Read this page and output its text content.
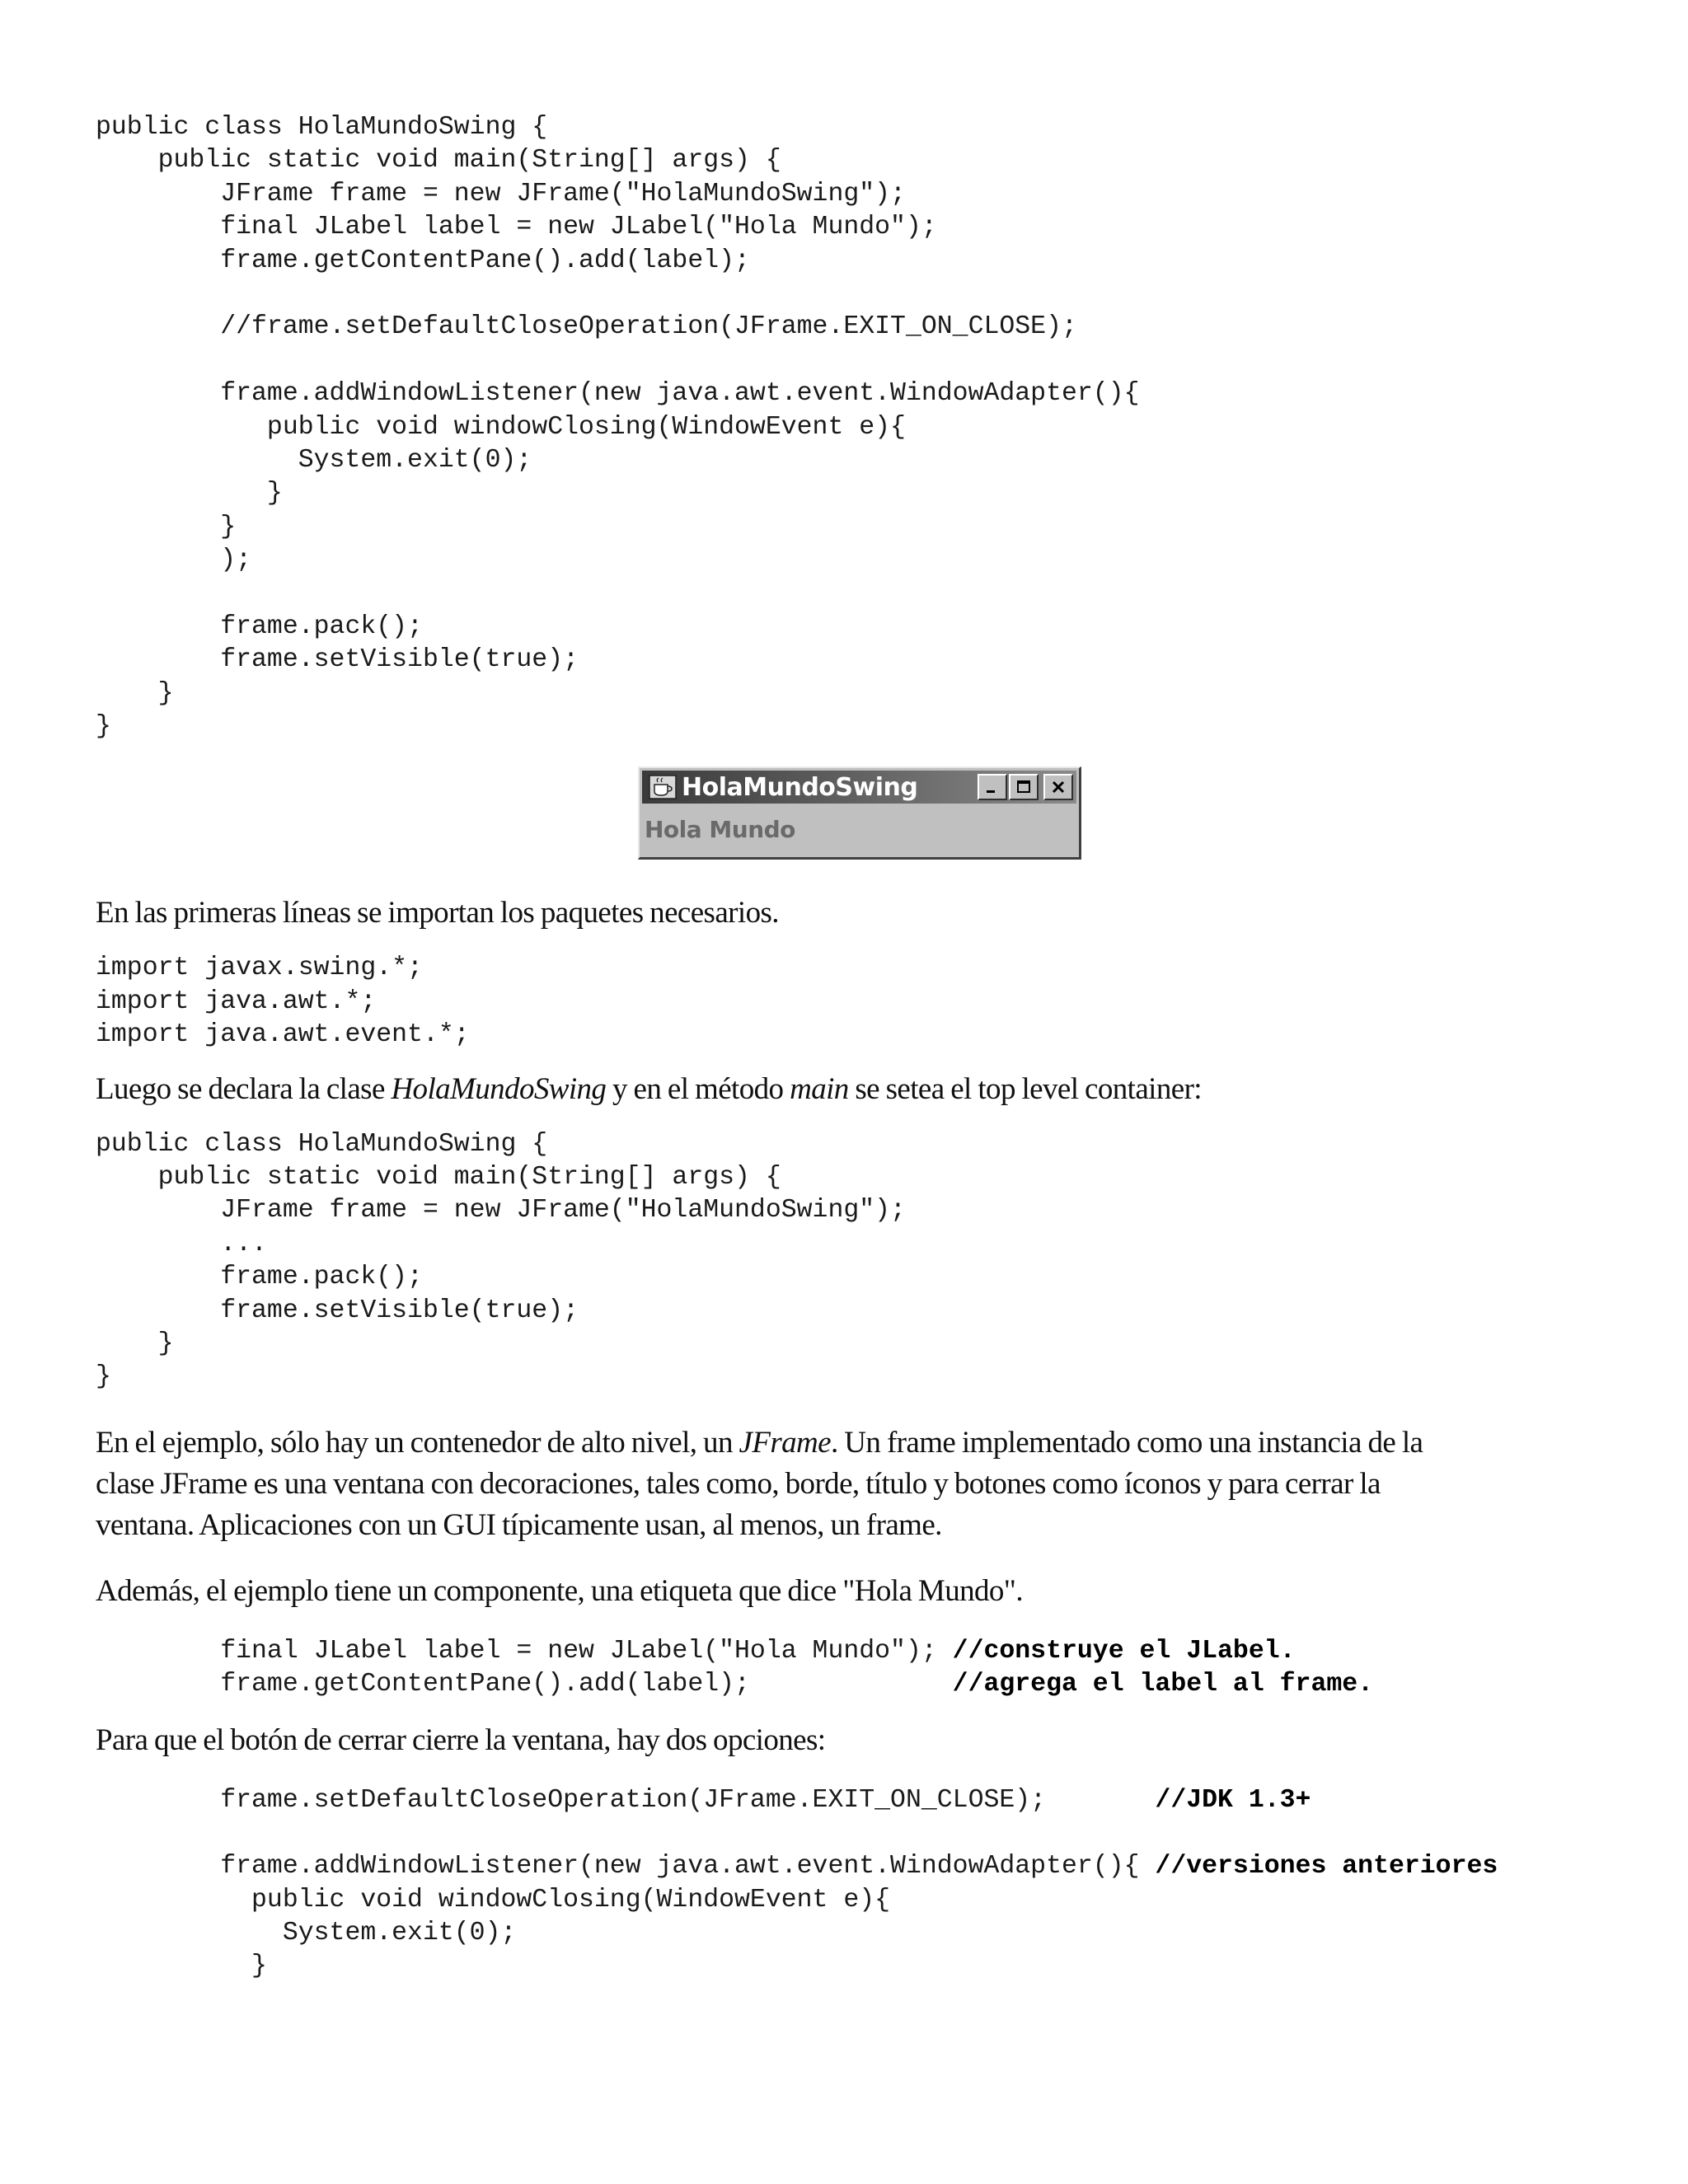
public class HolaMundoSwing {
public static void main(String[] args) {
JFrame frame = new JFrame("HolaMundoSwing");
final JLabel label = new JLabel("Hola Mundo");
frame.getContentPane().add(label);
//frame.setDefaultCloseOperation(JFrame.EXIT_ON_CLOSE);
frame.addWindowListener(new java.awt.event.WindowAdapter(){
public void windowClosing(WindowEvent e){
System.exit(0);
}
}
);
frame.pack();
frame.setVisible(true);
}
}
HolaMundoSwing
Hola Mundo

En las primeras líneas se importan los paquetes necesarios.

import javax.swing.*;
import java.awt.*;
import java.awt.event.*;

Luego se declara la clase HolaMundoSwing y en el método main se setea el top level container:

public class HolaMundoSwing {
public static void main(String[] args) {
JFrame frame = new JFrame("HolaMundoSwing");
...
frame.pack();
frame.setVisible(true);
}
}

En el ejemplo, sólo hay un contenedor de alto nivel, un JFrame. Un frame implementado como una instancia de la
clase JFrame es una ventana con decoraciones, tales como, borde, título y botones como íconos y para cerrar la
ventana. Aplicaciones con un GUI típicamente usan, al menos, un frame.

Además, el ejemplo tiene un componente, una etiqueta que dice "Hola Mundo".

final JLabel label = new JLabel("Hola Mundo"); //construye el JLabel.
frame.getContentPane().add(label);             //agrega el label al frame.

Para que el botón de cerrar cierre la ventana, hay dos opciones:

frame.setDefaultCloseOperation(JFrame.EXIT_ON_CLOSE);       //JDK 1.3+
frame.addWindowListener(new java.awt.event.WindowAdapter(){ //versiones anteriores
public void windowClosing(WindowEvent e){
System.exit(0);
}
